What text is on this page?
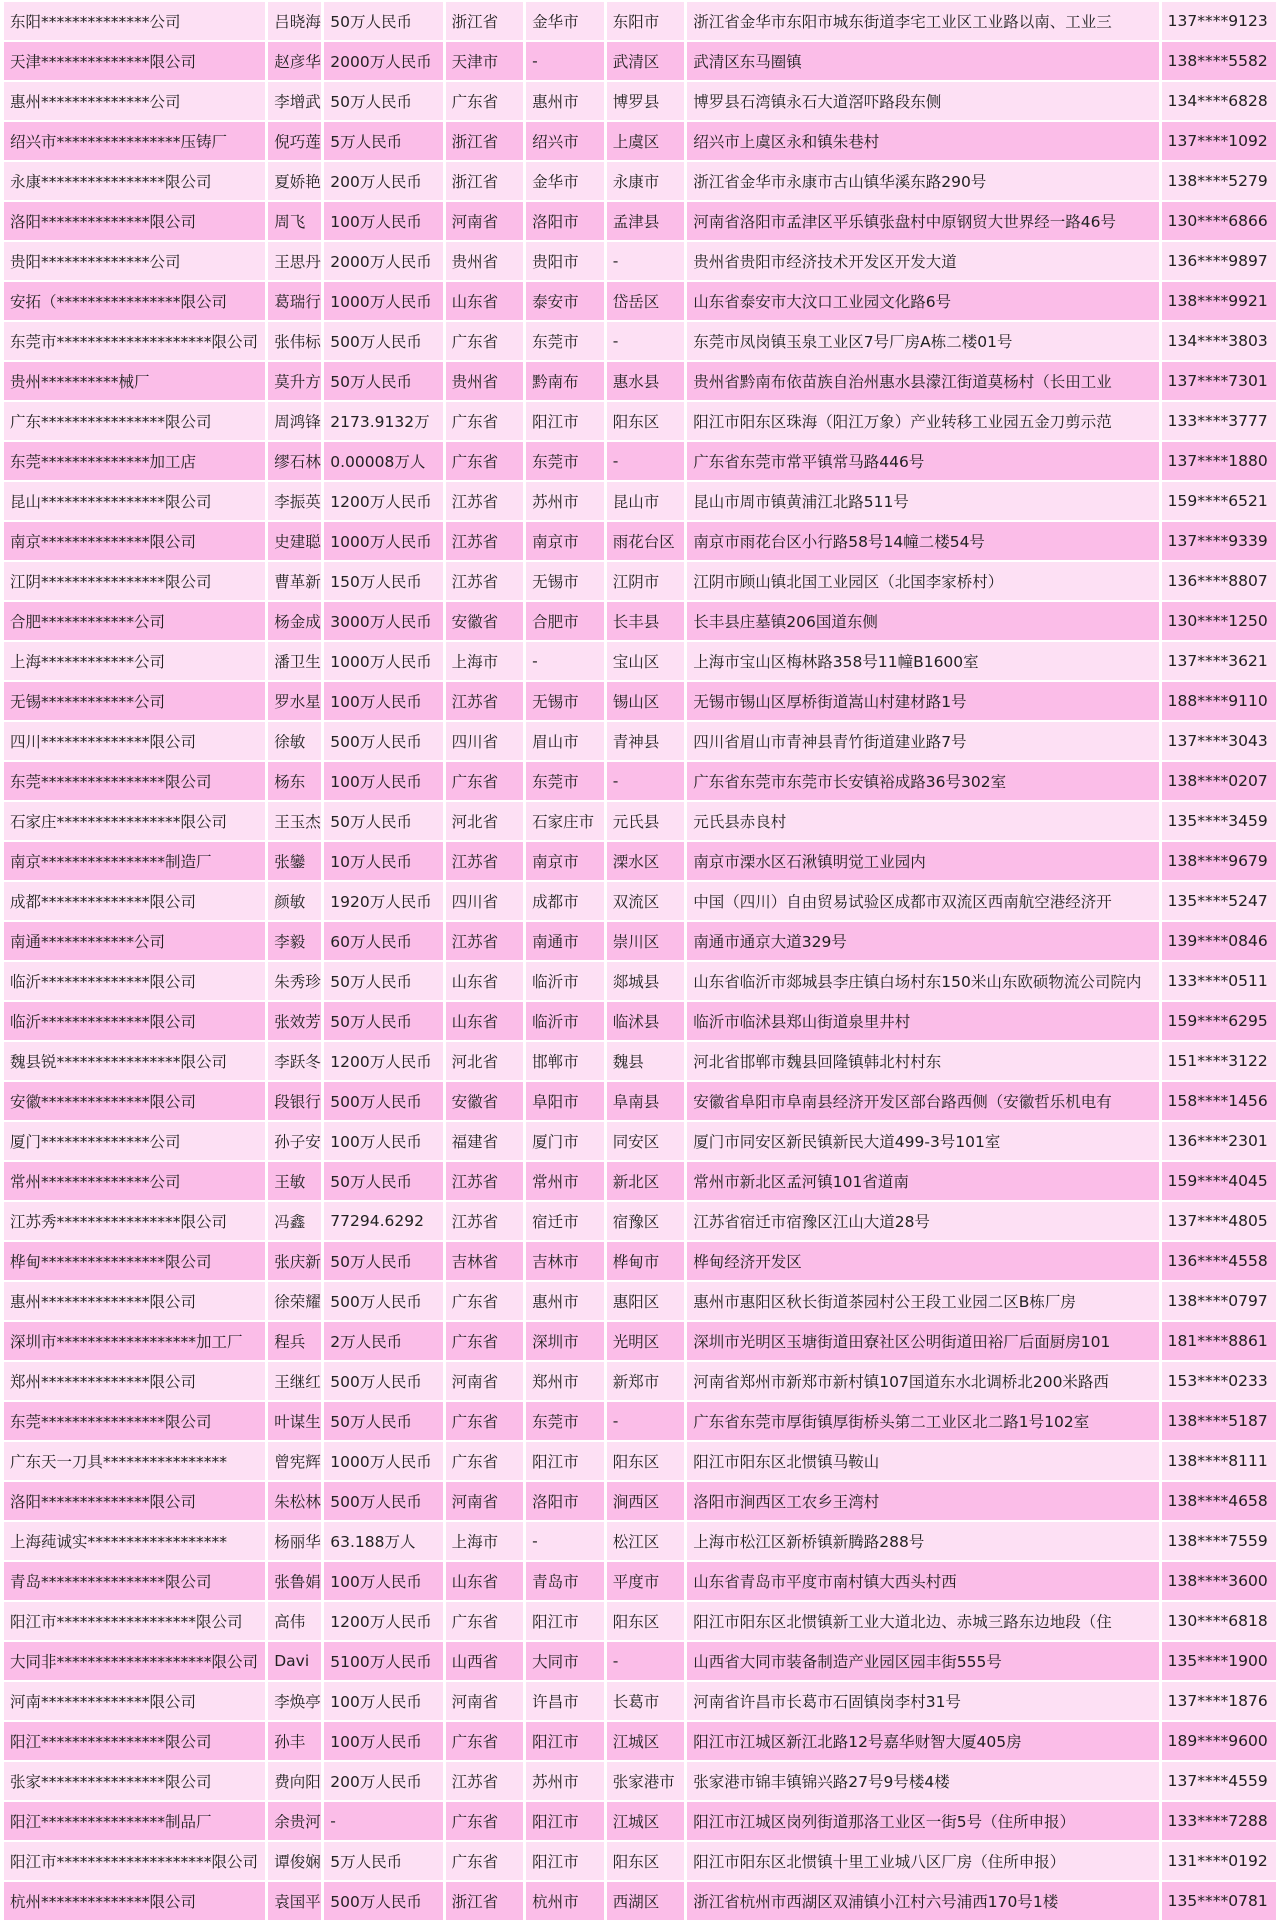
东阳**************公司	吕晓海	50万人民币	浙江省	金华市	东阳市	浙江省金华市东阳市城东街道李宅工业区工业路以南、工业三	137****9123
天津**************限公司	赵彦华	2000万人民币	天津市	-	武清区	武清区东马圈镇	138****5582
惠州**************公司	李增武	50万人民币	广东省	惠州市	博罗县	博罗县石湾镇永石大道滘吓路段东侧	134****6828
绍兴市****************压铸厂	倪巧莲	5万人民币	浙江省	绍兴市	上虞区	绍兴市上虞区永和镇朱巷村	137****1092
永康****************限公司	夏娇艳	200万人民币	浙江省	金华市	永康市	浙江省金华市永康市古山镇华溪东路290号	138****5279
洛阳**************限公司	周飞	100万人民币	河南省	洛阳市	孟津县	河南省洛阳市孟津区平乐镇张盘村中原钢贸大世界经一路46号	130****6866
贵阳**************公司	王思丹	2000万人民币	贵州省	贵阳市	-	贵州省贵阳市经济技术开发区开发大道	136****9897
安拓（****************限公司	葛瑞行	1000万人民币	山东省	泰安市	岱岳区	山东省泰安市大汶口工业园文化路6号	138****9921
东莞市********************限公司	张伟标	500万人民币	广东省	东莞市	-	东莞市凤岗镇玉泉工业区7号厂房A栋二楼01号	134****3803
贵州**********械厂	莫升方	50万人民币	贵州省	黔南布	惠水县	贵州省黔南布依苗族自治州惠水县濛江街道莫杨村（长田工业	137****7301
广东****************限公司	周鸿锋	2173.9132万	广东省	阳江市	阳东区	阳江市阳东区珠海（阳江万象）产业转移工业园五金刀剪示范	133****3777
东莞**************加工店	缪石林	0.00008万人	广东省	东莞市	-	广东省东莞市常平镇常马路446号	137****1880
昆山****************限公司	李振英	1200万人民币	江苏省	苏州市	昆山市	昆山市周市镇黄浦江北路511号	159****6521
南京**************限公司	史建聪	1000万人民币	江苏省	南京市	雨花台区	南京市雨花台区小行路58号14幢二楼54号	137****9339
江阴****************限公司	曹革新	150万人民币	江苏省	无锡市	江阴市	江阴市顾山镇北国工业园区（北国李家桥村）	136****8807
合肥************公司	杨金成	3000万人民币	安徽省	合肥市	长丰县	长丰县庄墓镇206国道东侧	130****1250
上海************公司	潘卫生	1000万人民币	上海市	-	宝山区	上海市宝山区梅林路358号11幢B1600室	137****3621
无锡************公司	罗水星	100万人民币	江苏省	无锡市	锡山区	无锡市锡山区厚桥街道嵩山村建材路1号	188****9110
四川**************限公司	徐敏	500万人民币	四川省	眉山市	青神县	四川省眉山市青神县青竹街道建业路7号	137****3043
东莞****************限公司	杨东	100万人民币	广东省	东莞市	-	广东省东莞市东莞市长安镇裕成路36号302室	138****0207
石家庄****************限公司	王玉杰	50万人民币	河北省	石家庄市	元氏县	元氏县赤良村	135****3459
南京****************制造厂	张鑾	10万人民币	江苏省	南京市	溧水区	南京市溧水区石湫镇明觉工业园内	138****9679
成都**************限公司	颜敏	1920万人民币	四川省	成都市	双流区	中国（四川）自由贸易试验区成都市双流区西南航空港经济开	135****5247
南通************公司	李毅	60万人民币	江苏省	南通市	崇川区	南通市通京大道329号	139****0846
临沂**************限公司	朱秀珍	50万人民币	山东省	临沂市	郯城县	山东省临沂市郯城县李庄镇白场村东150米山东欧硕物流公司院内	133****0511
临沂**************限公司	张效芳	50万人民币	山东省	临沂市	临沭县	临沂市临沭县郑山街道泉里井村	159****6295
魏县锐****************限公司	李跃冬	1200万人民币	河北省	邯郸市	魏县	河北省邯郸市魏县回隆镇韩北村村东	151****3122
安徽**************限公司	段银行	500万人民币	安徽省	阜阳市	阜南县	安徽省阜阳市阜南县经济开发区部台路西侧（安徽哲乐机电有	158****1456
厦门**************公司	孙子安	100万人民币	福建省	厦门市	同安区	厦门市同安区新民镇新民大道499-3号101室	136****2301
常州**************公司	王敏	50万人民币	江苏省	常州市	新北区	常州市新北区孟河镇101省道南	159****4045
江苏秀****************限公司	冯鑫	77294.6292	江苏省	宿迁市	宿豫区	江苏省宿迁市宿豫区江山大道28号	137****4805
桦甸****************限公司	张庆新	50万人民币	吉林省	吉林市	桦甸市	桦甸经济开发区	136****4558
惠州**************限公司	徐荣耀	500万人民币	广东省	惠州市	惠阳区	惠州市惠阳区秋长街道茶园村公王段工业园二区B栋厂房	138****0797
深圳市******************加工厂	程兵	2万人民币	广东省	深圳市	光明区	深圳市光明区玉塘街道田寮社区公明街道田裕厂后面厨房101	181****8861
郑州**************限公司	王继红	500万人民币	河南省	郑州市	新郑市	河南省郑州市新郑市新村镇107国道东水北调桥北200米路西	153****0233
东莞****************限公司	叶谋生	50万人民币	广东省	东莞市	-	广东省东莞市厚街镇厚街桥头第二工业区北二路1号102室	138****5187
广东天一刀具****************	曾宪辉	1000万人民币	广东省	阳江市	阳东区	阳江市阳东区北惯镇马鞍山	138****8111
洛阳**************限公司	朱松林	500万人民币	河南省	洛阳市	涧西区	洛阳市涧西区工农乡王湾村	138****4658
上海莼诚实******************	杨丽华	63.188万人	上海市	-	松江区	上海市松江区新桥镇新腾路288号	138****7559
青岛****************限公司	张鲁娟	100万人民币	山东省	青岛市	平度市	山东省青岛市平度市南村镇大西头村西	138****3600
阳江市******************限公司	高伟	1200万人民币	广东省	阳江市	阳东区	阳江市阳东区北惯镇新工业大道北边、赤城三路东边地段（住	130****6818
大同非********************限公司	Davi	5100万人民币	山西省	大同市	-	山西省大同市装备制造产业园区园丰街555号	135****1900
河南**************限公司	李焕亭	100万人民币	河南省	许昌市	长葛市	河南省许昌市长葛市石固镇岗李村31号	137****1876
阳江****************限公司	孙丰	100万人民币	广东省	阳江市	江城区	阳江市江城区新江北路12号嘉华财智大厦405房	189****9600
张家****************限公司	费向阳	200万人民币	江苏省	苏州市	张家港市	张家港市锦丰镇锦兴路27号9号楼4楼	137****4559
阳江****************制品厂	余贵河	-	广东省	阳江市	江城区	阳江市江城区岗列街道那洛工业区一街5号（住所申报）	133****7288
阳江市********************限公司	谭俊娴	5万人民币	广东省	阳江市	阳东区	阳江市阳东区北惯镇十里工业城八区厂房（住所申报）	131****0192
杭州**************限公司	袁国平	500万人民币	浙江省	杭州市	西湖区	浙江省杭州市西湖区双浦镇小江村六号浦西170号1楼	135****0781
